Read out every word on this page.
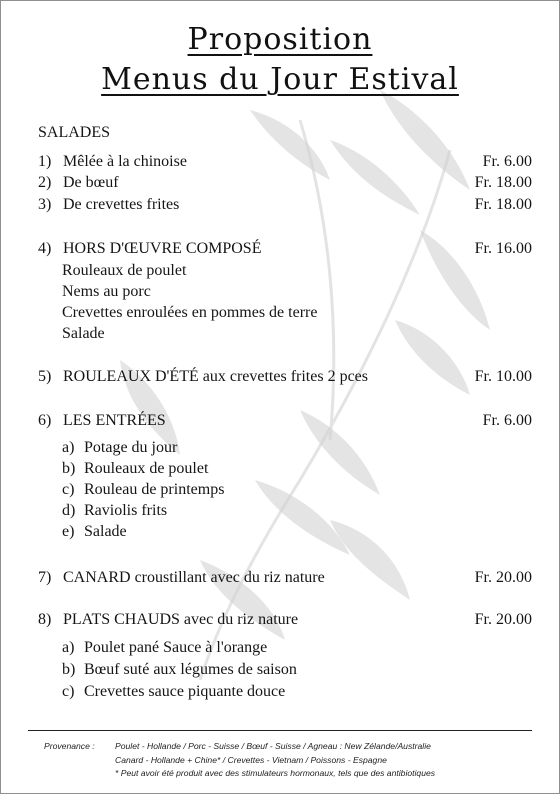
Proposition
Menus du Jour Estival
SALADES
1) Mêlée à la chinoise	Fr. 6.00
2) De bœuf	Fr. 18.00
3) De crevettes frites	Fr. 18.00
4) HORS D'ŒUVRE COMPOSÉ	Fr. 16.00
Rouleaux de poulet
Nems au porc
Crevettes enroulées en pommes de terre
Salade
5) ROULEAUX D'ÉTÉ aux crevettes frites 2 pces	Fr. 10.00
6) LES ENTRÉES	Fr. 6.00
a) Potage du jour
b) Rouleaux de poulet
c) Rouleau de printemps
d) Raviolis frits
e) Salade
7) CANARD croustillant avec du riz nature	Fr. 20.00
8) PLATS CHAUDS avec du riz nature	Fr. 20.00
a) Poulet pané Sauce à l'orange
b) Bœuf suté aux légumes de saison
c) Crevettes sauce piquante douce
Provenance : Poulet - Hollande / Porc - Suisse / Bœuf - Suisse / Agneau : New Zélande/Australie
Canard - Hollande + Chine* / Crevettes - Vietnam / Poissons - Espagne
* Peut avoir été produit avec des stimulateurs hormonaux, tels que des antibiotiques
